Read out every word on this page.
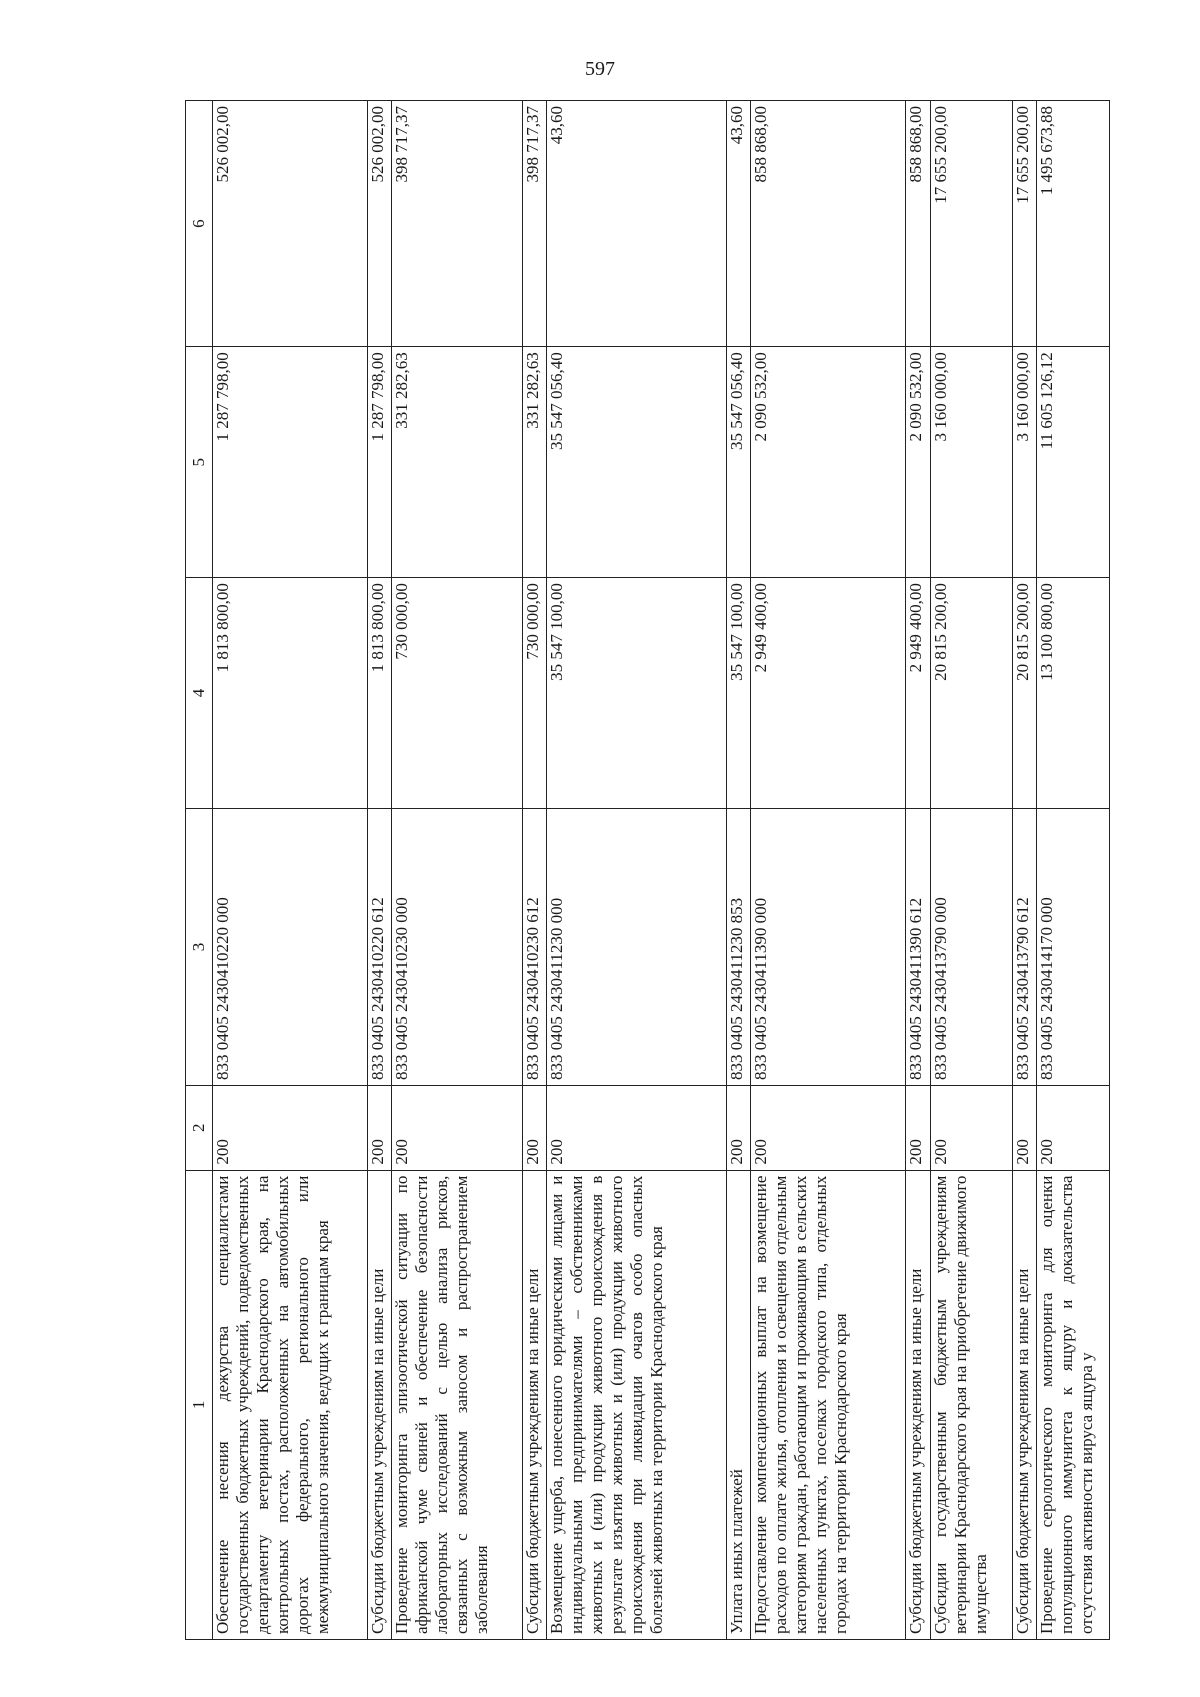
597
1	2	3	4	5	6
Обеспечение несения дежурства специалистами государственных бюджетных учреждений, подведомственных департаменту ветеринарии Краснодарского края, на контрольных постах, расположенных на автомобильных дорогах федерального, регионального или межмуниципального значения, ведущих к границам края	200	833 0405 2430410220 000	1 813 800,00	1 287 798,00	526 002,00
Субсидии бюджетным учреждениям на иные цели	200	833 0405 2430410220 612	1 813 800,00	1 287 798,00	526 002,00
Проведение мониторинга эпизоотической ситуации по африканской чуме свиней и обеспечение безопасности лабораторных исследований с целью анализа рисков, связанных с возможным заносом и распространением заболевания	200	833 0405 2430410230 000	730 000,00	331 282,63	398 717,37
Субсидии бюджетным учреждениям на иные цели	200	833 0405 2430410230 612	730 000,00	331 282,63	398 717,37
Возмещение ущерба, понесенного юридическими лицами и индивидуальными предпринимателями – собственниками животных и (или) продукции животного происхождения в результате изъятия животных и (или) продукции животного происхождения при ликвидации очагов особо опасных болезней животных на территории Краснодарского края	200	833 0405 2430411230 000	35 547 100,00	35 547 056,40	43,60
Уплата иных платежей	200	833 0405 2430411230 853	35 547 100,00	35 547 056,40	43,60
Предоставление компенсационных выплат на возмещение расходов по оплате жилья, отопления и освещения отдельным категориям граждан, работающим и проживающим в сельских населенных пунктах, поселках городского типа, отдельных городах на территории Краснодарского края	200	833 0405 2430411390 000	2 949 400,00	2 090 532,00	858 868,00
Субсидии бюджетным учреждениям на иные цели	200	833 0405 2430411390 612	2 949 400,00	2 090 532,00	858 868,00
Субсидии государственным бюджетным учреждениям ветеринарии Краснодарского края на приобретение движимого имущества	200	833 0405 2430413790 000	20 815 200,00	3 160 000,00	17 655 200,00
Субсидии бюджетным учреждениям на иные цели	200	833 0405 2430413790 612	20 815 200,00	3 160 000,00	17 655 200,00
Проведение серологического мониторинга для оценки популяционного иммунитета к ящуру и доказательства отсутствия активности вируса ящура у	200	833 0405 2430414170 000	13 100 800,00	11 605 126,12	1 495 673,88
